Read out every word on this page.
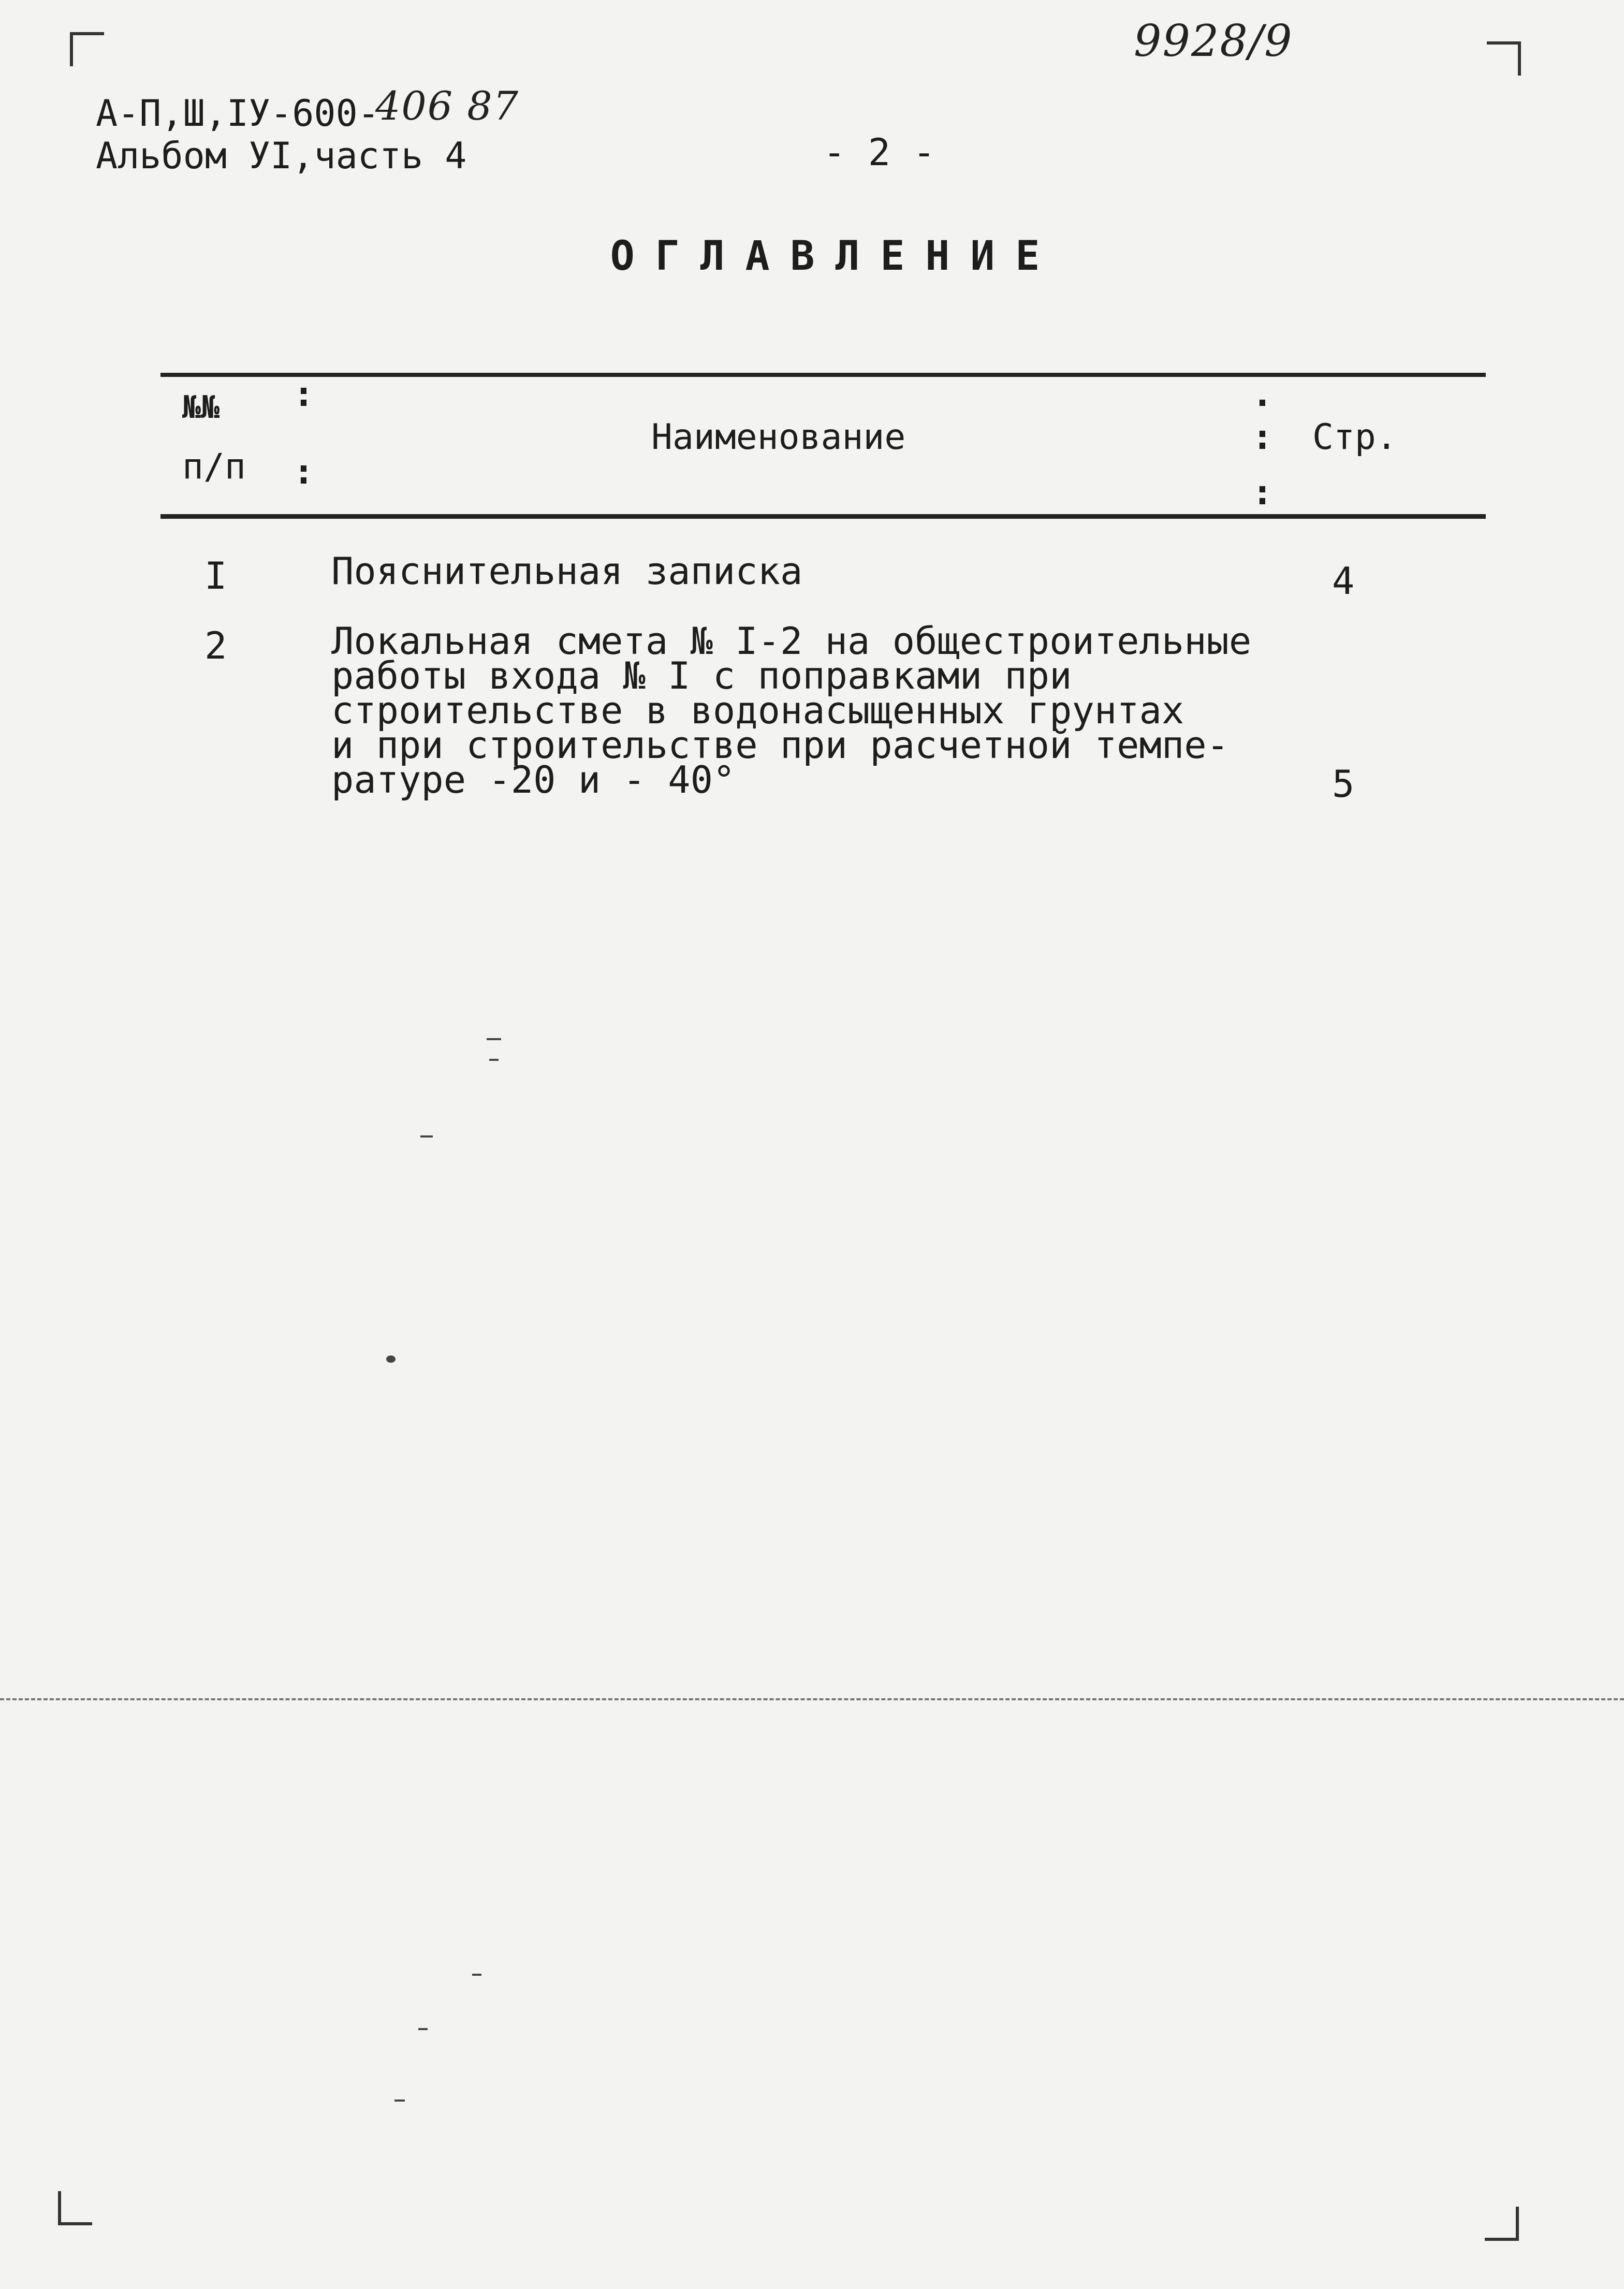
9928/9
А-П,Ш,IУ-600-
Альбом УI,часть 4
406 87
- 2 -
ОГЛАВЛЕНИЕ
№№
п/п
Наименование	Стр.
:
:
.
:
:
I	Пояснительная записка	4
2	Локальная смета № I-2 на общестроительные
работы входа № I с поправками при
строительстве в водонасыщенных грунтах
и при строительстве при расчетной темпе-
ратуре -20 и - 40°	5
